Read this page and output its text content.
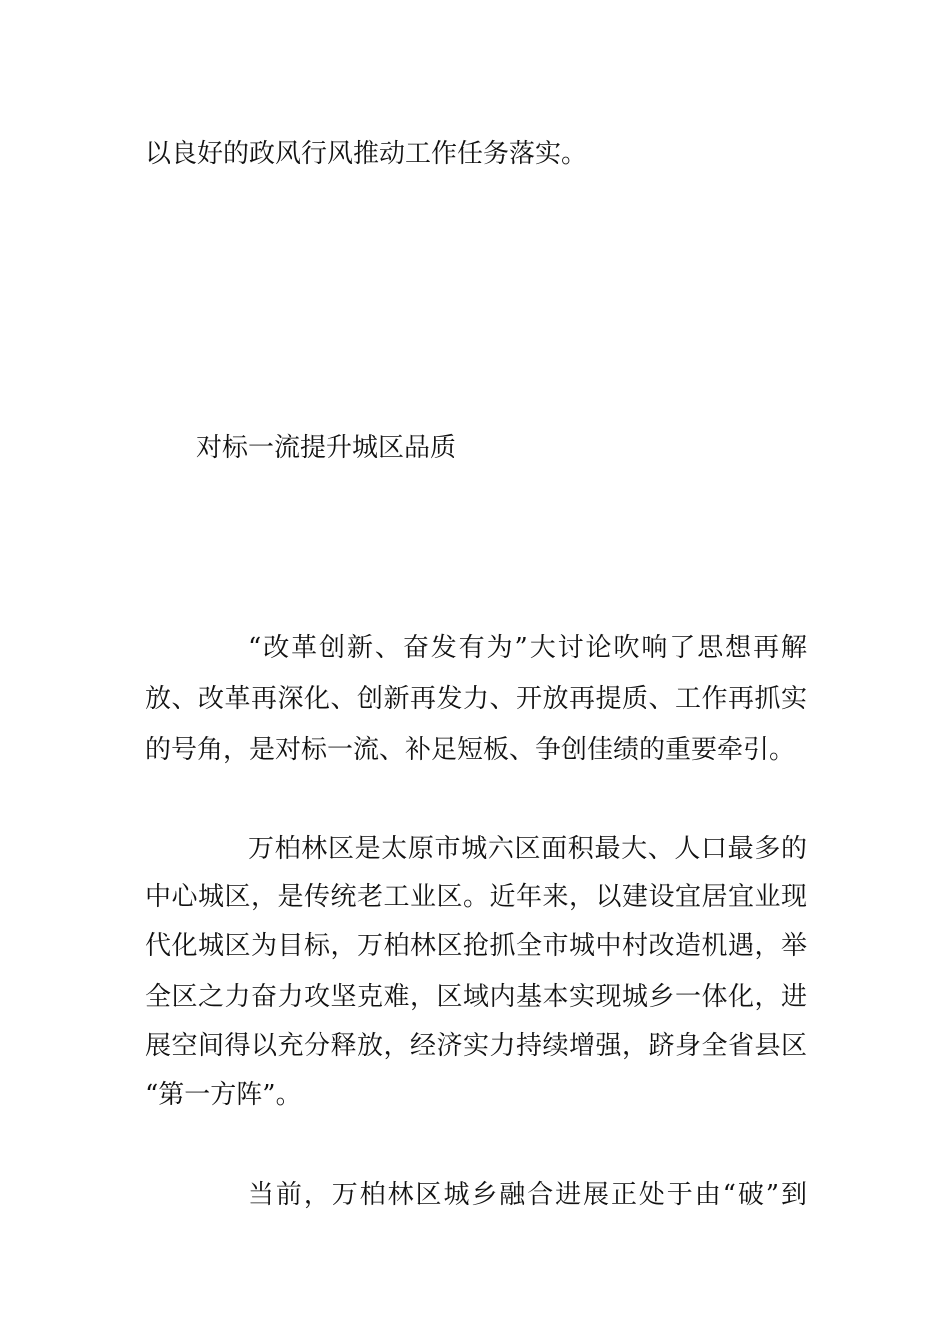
以良好的政风行风推动工作任务落实。
对标一流提升城区品质
“改革创新、奋发有为”大讨论吹响了思想再解
放、改革再深化、创新再发力、开放再提质、工作再抓实
的号角，是对标一流、补足短板、争创佳绩的重要牵引。
万柏林区是太原市城六区面积最大、人口最多的
中心城区，是传统老工业区。近年来，以建设宜居宜业现
代化城区为目标，万柏林区抢抓全市城中村改造机遇，举
全区之力奋力攻坚克难，区域内基本实现城乡一体化，进
展空间得以充分释放，经济实力持续增强，跻身全省县区
“第一方阵”。
当前，万柏林区城乡融合进展正处于由“破”到
